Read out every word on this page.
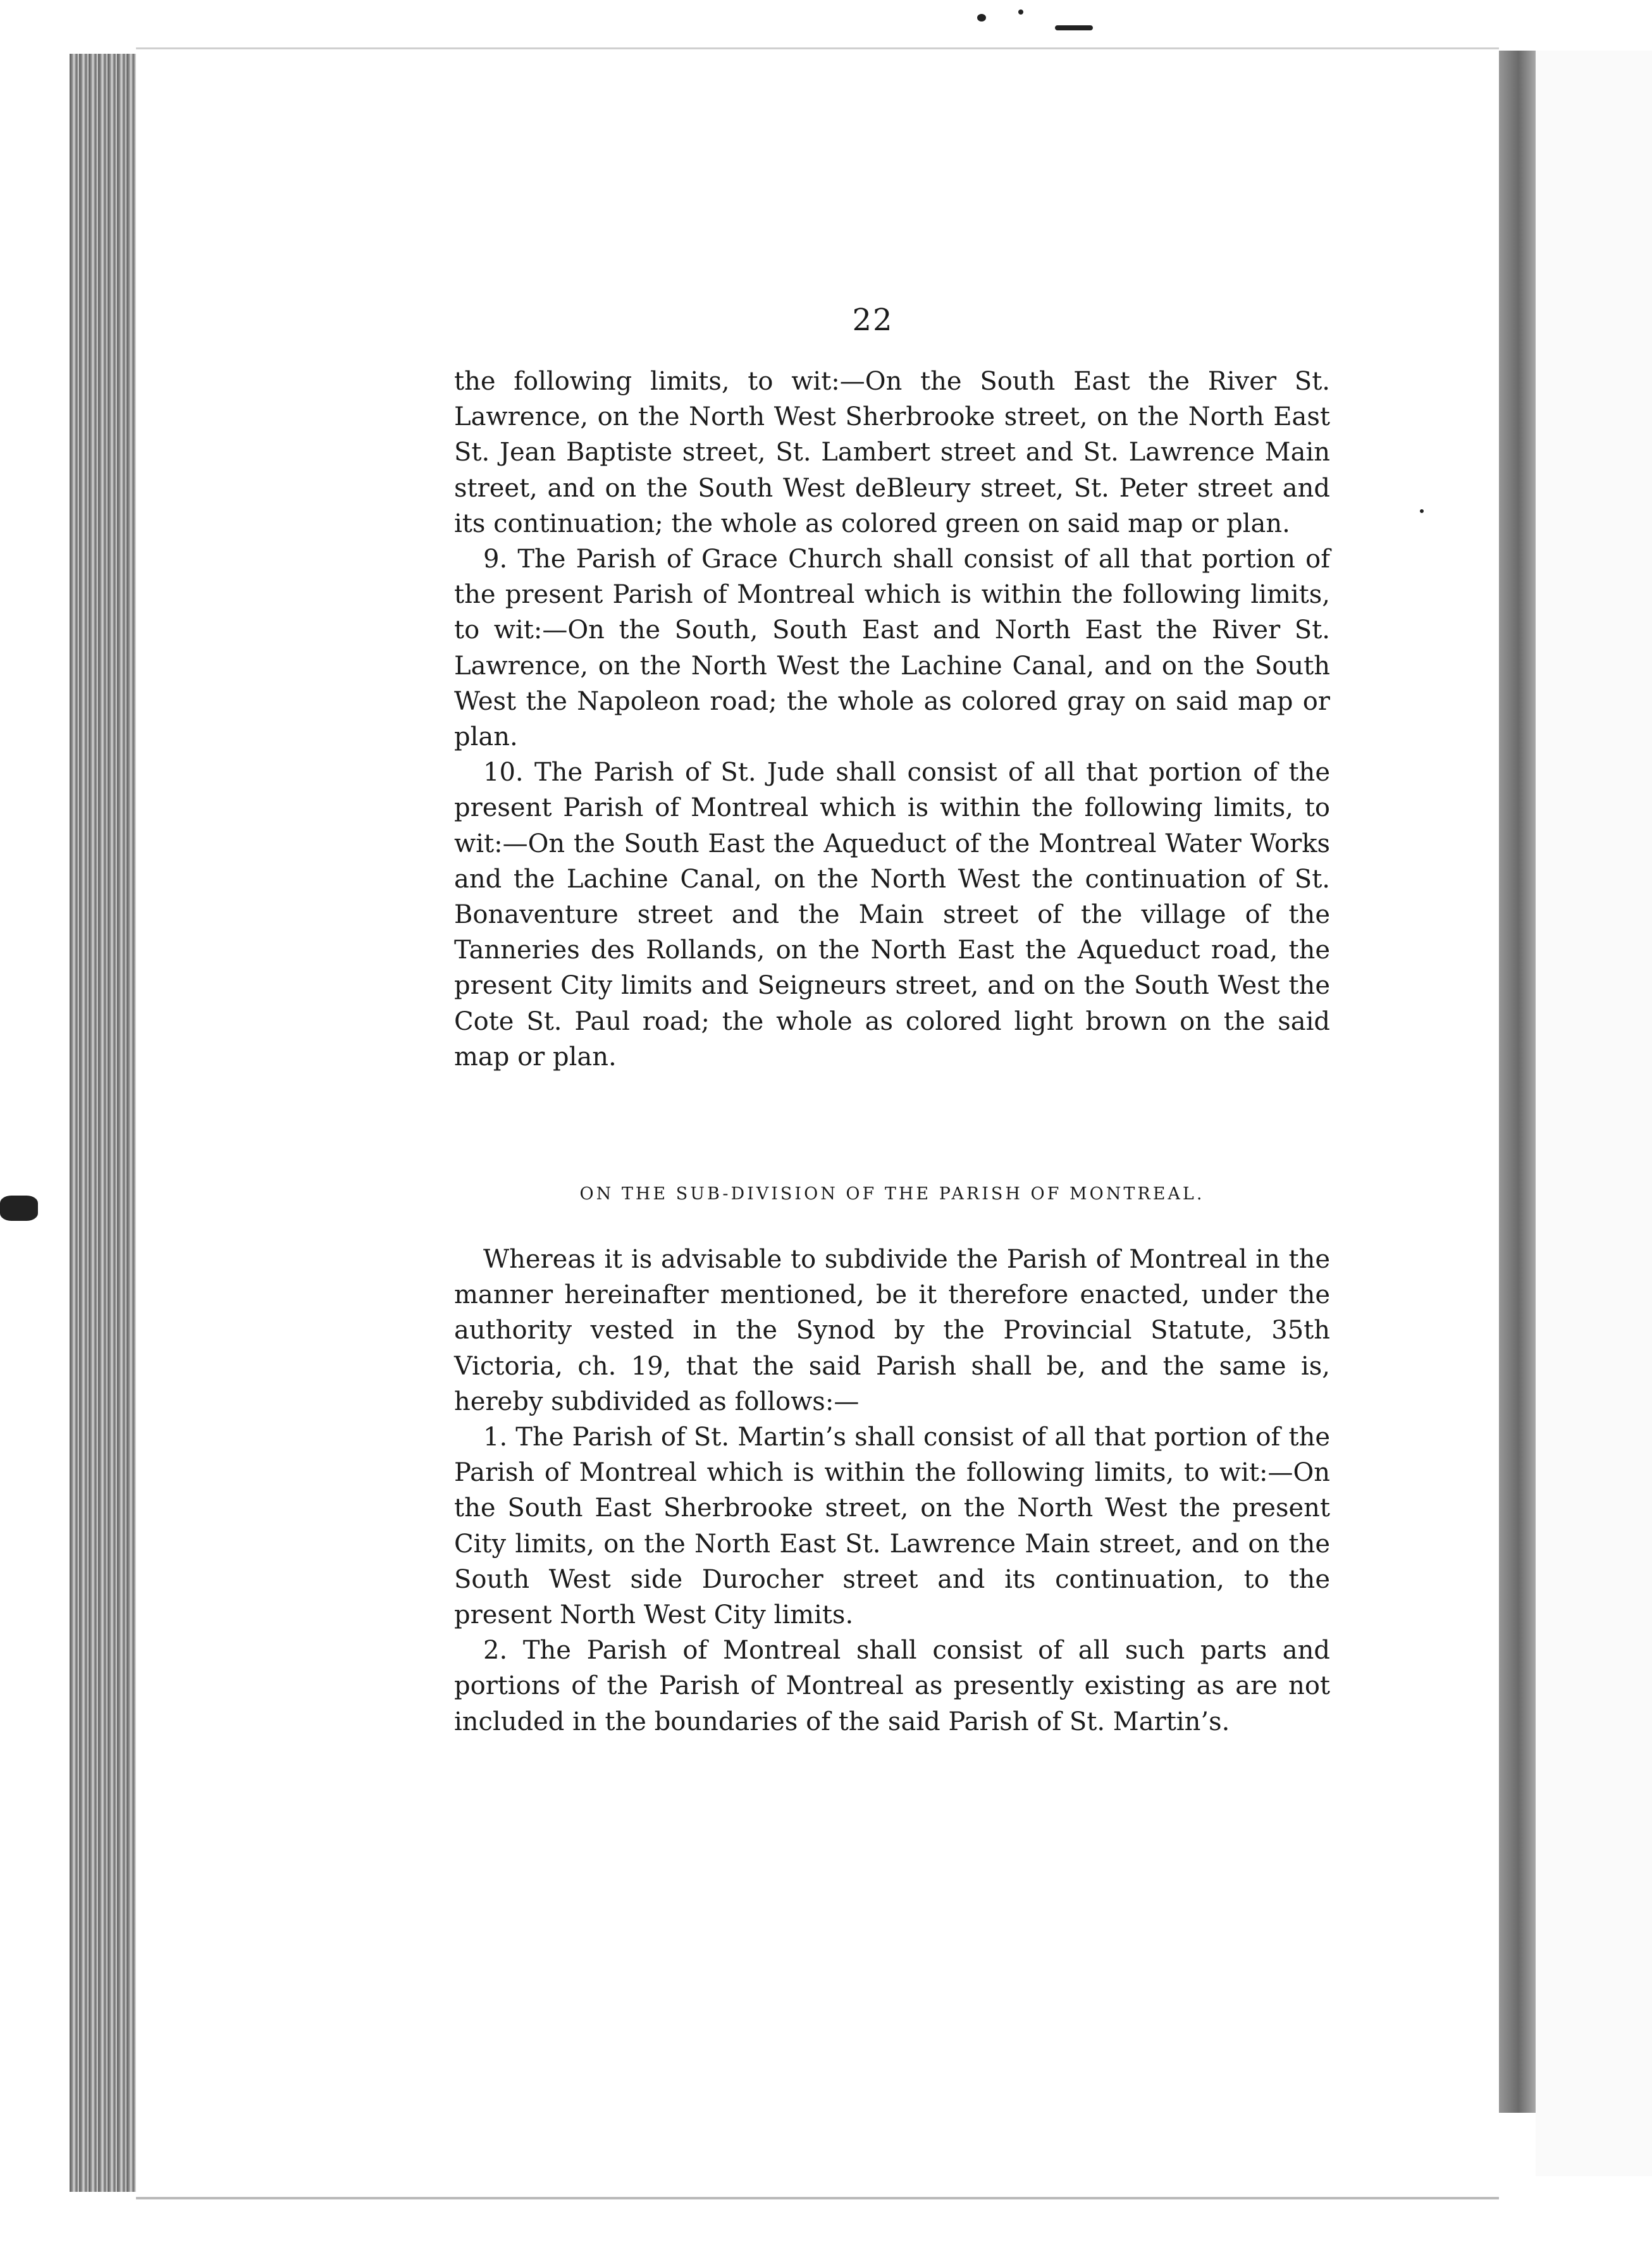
22

the following limits, to wit:—On the South East the River St. Lawrence, on the North West Sherbrooke street, on the North East St. Jean Baptiste street, St. Lambert street and St. Lawrence Main street, and on the South West deBleury street, St. Peter street and its continuation; the whole as colored green on said map or plan.

9. The Parish of Grace Church shall consist of all that portion of the present Parish of Montreal which is within the following limits, to wit:—On the South, South East and North East the River St. Lawrence, on the North West the Lachine Canal, and on the South West the Napoleon road; the whole as colored gray on said map or plan.

10. The Parish of St. Jude shall consist of all that portion of the present Parish of Montreal which is within the following limits, to wit:—On the South East the Aqueduct of the Montreal Water Works and the Lachine Canal, on the North West the continuation of St. Bonaventure street and the Main street of the village of the Tanneries des Rollands, on the North East the Aqueduct road, the present City limits and Seigneurs street, and on the South West the Cote St. Paul road; the whole as colored light brown on the said map or plan.

ON THE SUB-DIVISION OF THE PARISH OF MONTREAL.

Whereas it is advisable to subdivide the Parish of Montreal in the manner hereinafter mentioned, be it therefore enacted, under the authority vested in the Synod by the Provincial Statute, 35th Victoria, ch. 19, that the said Parish shall be, and the same is, hereby subdivided as follows:—

1. The Parish of St. Martin’s shall consist of all that portion of the Parish of Montreal which is within the following limits, to wit:—On the South East Sherbrooke street, on the North West the present City limits, on the North East St. Lawrence Main street, and on the South West side Durocher street and its continuation, to the present North West City limits.

2. The Parish of Montreal shall consist of all such parts and portions of the Parish of Montreal as presently existing as are not included in the boundaries of the said Parish of St. Martin’s.
